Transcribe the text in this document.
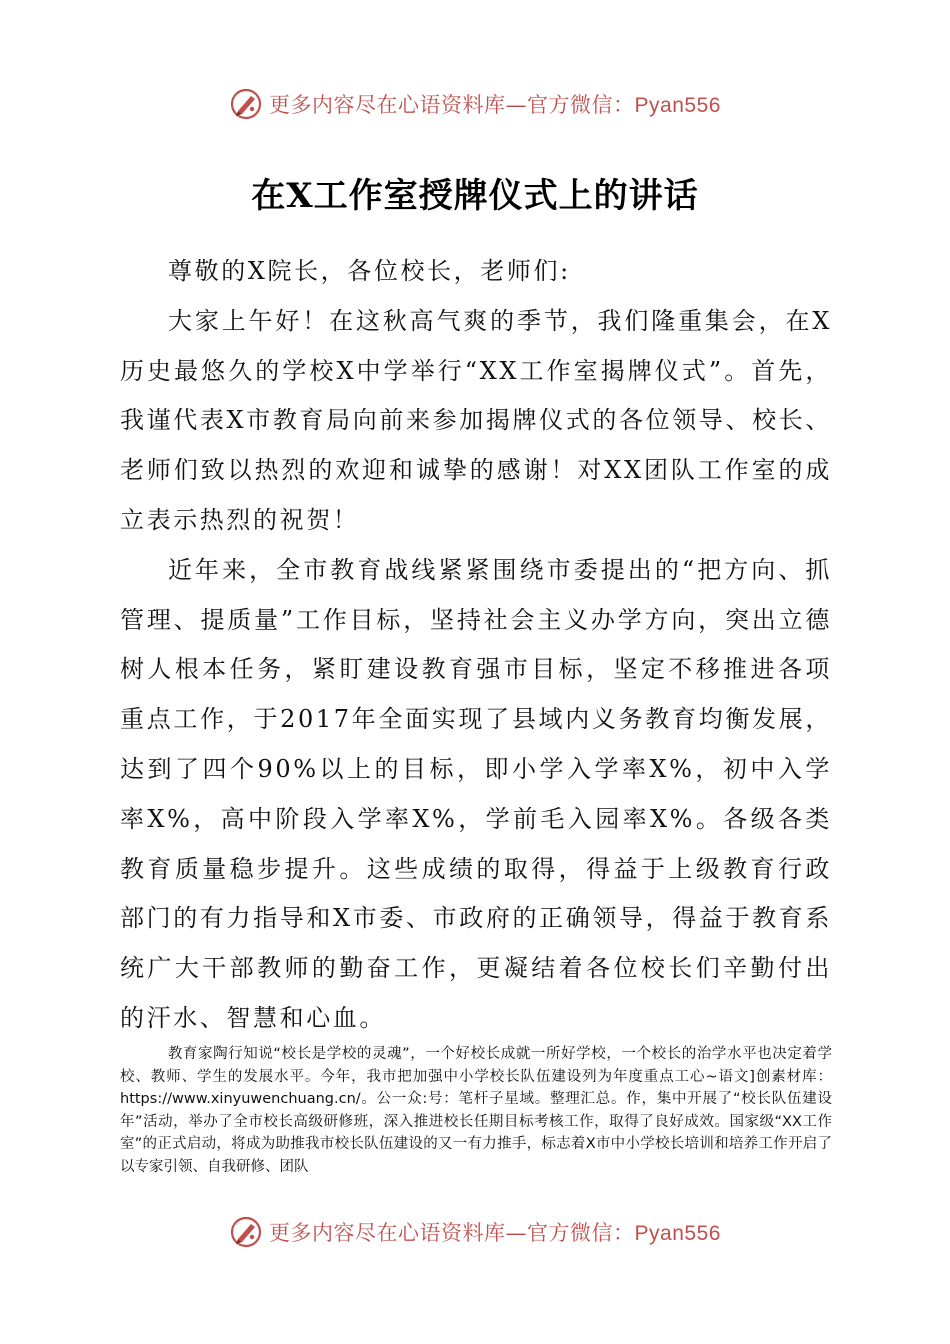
更多内容尽在心语资料库—官方微信：Pyan556
在X工作室授牌仪式上的讲话

尊敬的X院长，各位校长，老师们:

大家上午好！在这秋高气爽的季节，我们隆重集会，在X历史最悠久的学校X中学举行“XX工作室揭牌仪式”。首先，我谨代表X市教育局向前来参加揭牌仪式的各位领导、校长、老师们致以热烈的欢迎和诚挚的感谢！对XX团队工作室的成立表示热烈的祝贺！

近年来，全市教育战线紧紧围绕市委提出的“把方向、抓管理、提质量”工作目标，坚持社会主义办学方向，突出立德树人根本任务，紧盯建设教育强市目标，坚定不移推进各项重点工作，于2017年全面实现了县域内义务教育均衡发展，达到了四个90%以上的目标，即小学入学率X%，初中入学率X%，高中阶段入学率X%，学前毛入园率X%。各级各类教育质量稳步提升。这些成绩的取得，得益于上级教育行政部门的有力指导和X市委、市政府的正确领导，得益于教育系统广大干部教师的勤奋工作，更凝结着各位校长们辛勤付出的汗水、智慧和心血。

教育家陶行知说“校长是学校的灵魂”，一个好校长成就一所好学校，一个校长的治学水平也决定着学校、教师、学生的发展水平。今年，我市把加强中小学校长队伍建设列为年度重点工心~语文]创素材库：https://www.xinyuwenchuang.cn/。公一众:号：笔杆子星域。整理汇总。作，集中开展了“校长队伍建设年”活动，举办了全市校长高级研修班，深入推进校长任期目标考核工作，取得了良好成效。国家级“XX工作室”的正式启动，将成为助推我市校长队伍建设的又一有力推手，标志着X市中小学校长培训和培养工作开启了以专家引领、自我研修、团队

更多内容尽在心语资料库—官方微信：Pyan556
